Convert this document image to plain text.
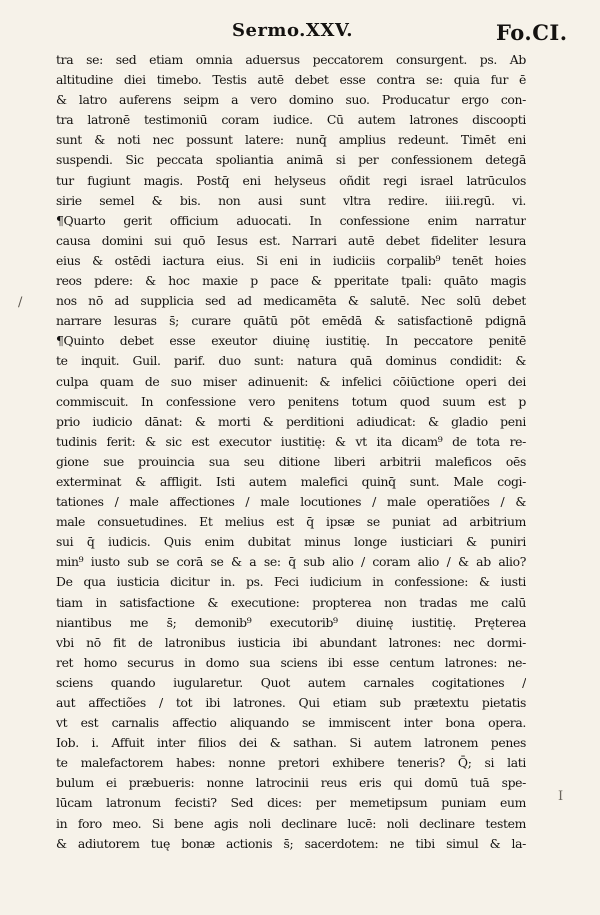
Sermo.XXV.	Fo.CI.
/
I
tra se: sed etiam omnia aduersus peccatorem consurgent. ps. Ab
altitudine diei timebo. Testis autē debet esse contra se: quia fur ē
& latro auferens seipm a vero domino suo. Producatur ergo con-
tra latronē testimoniū coram iudice. Cū autem latrones discoopti
sunt & noti nec possunt latere: nunq̄ amplius redeunt. Timēt eni
suspendi. Sic peccata spoliantia animā si per confessionem detegā
tur fugiunt magis. Postq̄ eni helyseus oñdit regi israel latrūculos
sirie semel & bis. non ausi sunt vltra redire. iiii.regū. vi.
¶Quarto gerit officium aduocati. In confessione enim narratur
causa domini sui quō Iesus est. Narrari autē debet fideliter lesura
eius & ostēdi iactura eius. Si eni in iudiciis corpalib⁹ tenēt hoies
reos pdere: & hoc maxie p pace & pperitate tpali: quāto magis
nos nō ad supplicia sed ad medicamēta & salutē. Nec solū debet
narrare lesuras s̄; curare quātū pōt emēdā & satisfactionē pdignā
¶Quinto debet esse exeutor diuinę iustitię. In peccatore penitē
te inquit. Guil. parif. duo sunt: natura quā dominus condidit: &
culpa quam de suo miser adinuenit: & infelici cōiūctione operi dei
commiscuit. In confessione vero penitens totum quod suum est p
prio iudicio dānat: & morti & perditioni adiudicat: & gladio peni
tudinis ferit: & sic est executor iustitię: & vt ita dicam⁹ de tota re-
gione sue prouincia sua seu ditione liberi arbitrii maleficos oēs
exterminat & affligit. Isti autem malefici quinq̄ sunt. Male cogi-
tationes / male affectiones / male locutiones / male operatiões / &
male consuetudines. Et melius est q̄ ipsæ se puniat ad arbitrium
sui q̄ iudicis. Quis enim dubitat minus longe iusticiari & puniri
min⁹ iusto sub se corā se & a se: q̄ sub alio / coram alio / & ab alio?
De qua iusticia dicitur in. ps. Feci iudicium in confessione: & iusti
tiam in satisfactione & executione: propterea non tradas me calū
niantibus me s̄; demonib⁹ executorib⁹ diuinę iustitię. Pręterea
vbi nō fit de latronibus iusticia ibi abundant latrones: nec dormi-
ret homo securus in domo sua sciens ibi esse centum latrones: ne-
sciens quando iugularetur. Quot autem carnales cogitationes /
aut affectiões / tot ibi latrones. Qui etiam sub prætextu pietatis
vt est carnalis affectio aliquando se immiscent inter bona opera.
Iob. i. Affuit inter filios dei & sathan. Si autem latronem penes
te malefactorem habes: nonne pretori exhibere teneris? Q̄; si lati
bulum ei præbueris: nonne latrocinii reus eris qui domū tuā spe-
lūcam latronum fecisti? Sed dices: per memetipsum puniam eum
in foro meo. Si bene agis noli declinare lucē: noli declinare testem
& adiutorem tuę bonæ actionis s̄; sacerdotem: ne tibi simul & la-
